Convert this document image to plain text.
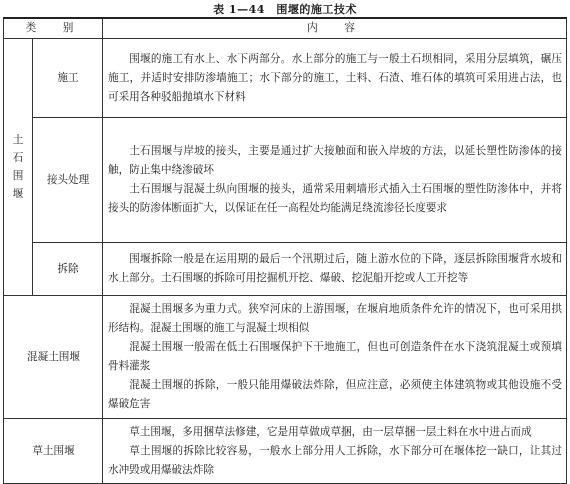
表 1—44　围堰的施工技术
类　别		内　容
土石围堰	施工	围堰的施工有水上、水下两部分。水上部分的施工与一般土石坝相同，采用分层填筑，碾压施工，并适时安排防渗墙施工；水下部分的施工，土料、石渣、堆石体的填筑可采用进占法，也可采用各种驳船抛填水下材料

	接头处理	土石围堰与岸坡的接头，主要是通过扩大接触面和嵌入岸坡的方法，以延长塑性防渗体的接触，防止集中绕渗破坏
土石围堰与混凝土纵向围堰的接头，通常采用刺墙形式插入土石围堰的塑性防渗体中，并将接头的防渗体断面扩大，以保证在任一高程处均能满足绕流渗径长度要求

	拆除	围堰拆除一般是在运用期的最后一个汛期过后，随上游水位的下降，逐层拆除围堰背水坡和水上部分。土石围堰的拆除可用挖掘机开挖、爆破、挖泥船开挖或人工开挖等

混凝土围堰		混凝土围堰多为重力式。狭窄河床的上游围堰，在堰肩地质条件允许的情况下，也可采用拱形结构。混凝土围堰的施工与混凝土坝相似
混凝土围堰一般需在低土石围堰保护下干地施工，但也可创造条件在水下浇筑混凝土或预填骨料灌浆
混凝土围堰的拆除，一般只能用爆破法炸除，但应注意，必须使主体建筑物或其他设施不受爆破危害

草土围堰		草土围堰，多用捆草法修建，它是用草做成草捆，由一层草捆一层土料在水中进占而成
草土围堰的拆除比较容易，一般水上部分用人工拆除，水下部分可在堰体挖一缺口，让其过水冲毁或用爆破法炸除
